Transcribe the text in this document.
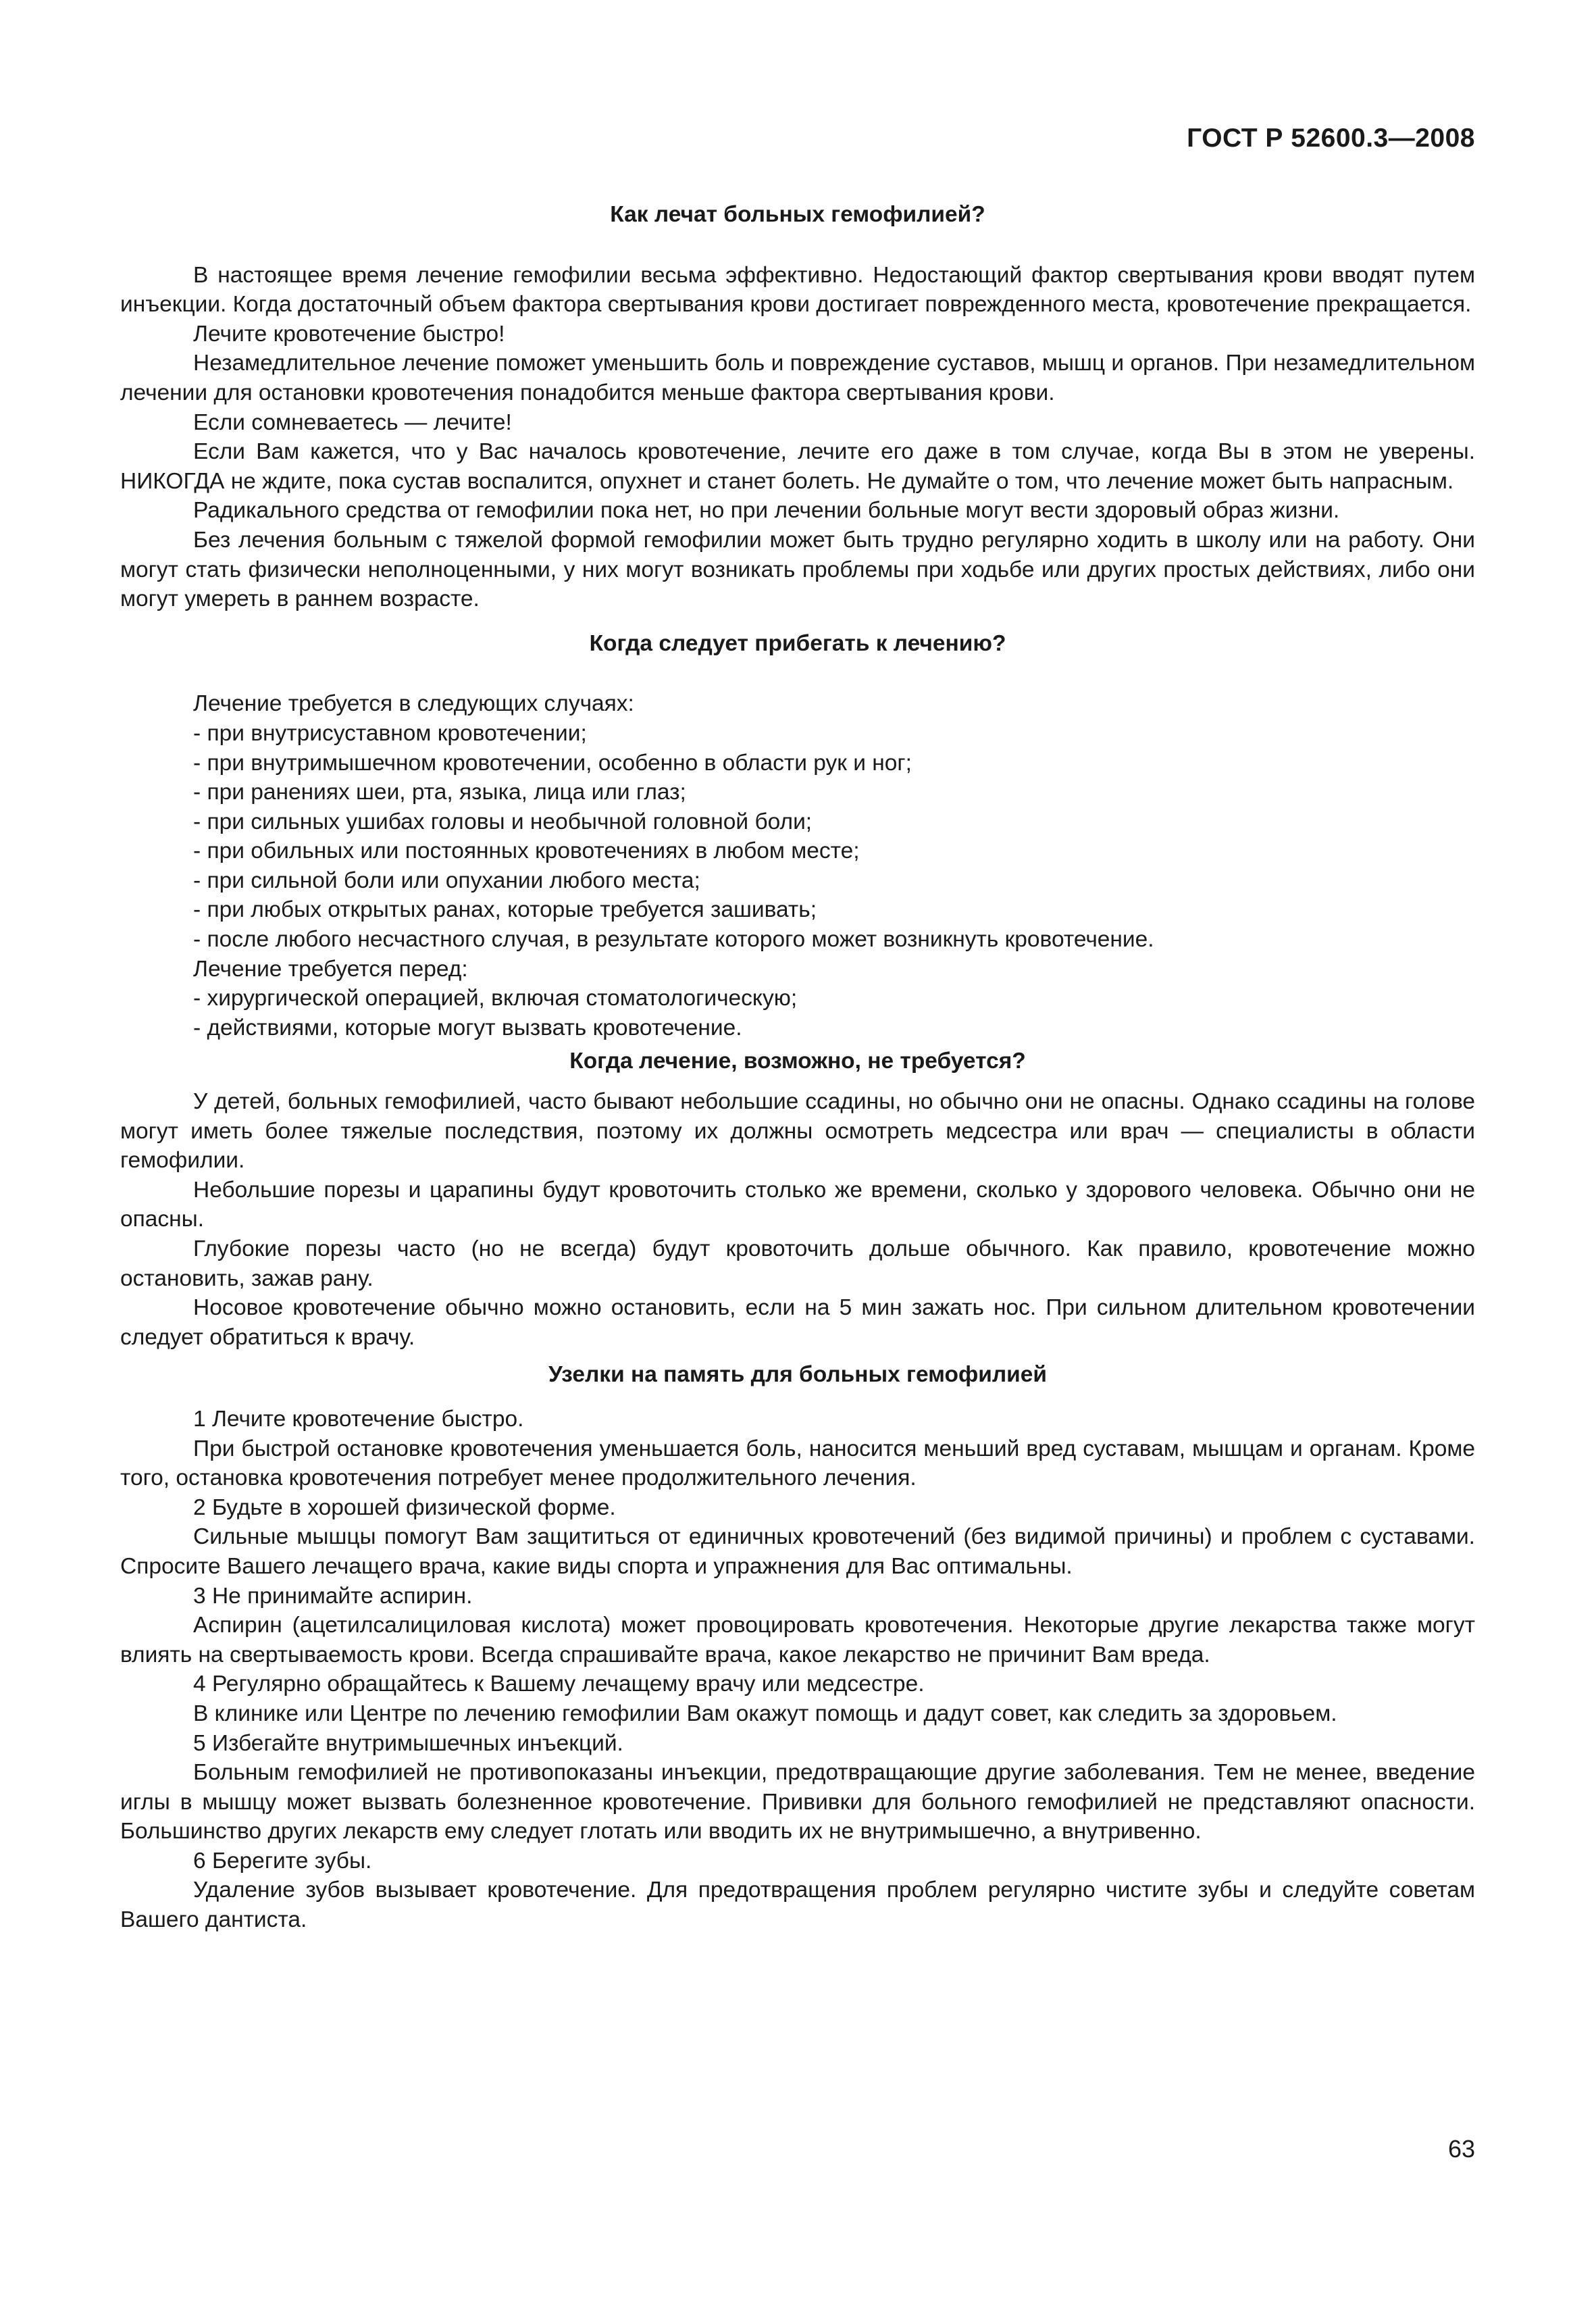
ГОСТ Р 52600.3—2008

Как лечат больных гемофилией?

В настоящее время лечение гемофилии весьма эффективно. Недостающий фактор свертывания крови вводят путем инъекции. Когда достаточный объем фактора свертывания крови достигает поврежденного места, кровотечение прекращается.

Лечите кровотечение быстро!

Незамедлительное лечение поможет уменьшить боль и повреждение суставов, мышц и органов. При незамедлительном лечении для остановки кровотечения понадобится меньше фактора свертывания крови.

Если сомневаетесь — лечите!

Если Вам кажется, что у Вас началось кровотечение, лечите его даже в том случае, когда Вы в этом не уверены. НИКОГДА не ждите, пока сустав воспалится, опухнет и станет болеть. Не думайте о том, что лечение может быть напрасным.

Радикального средства от гемофилии пока нет, но при лечении больные могут вести здоровый образ жизни.

Без лечения больным с тяжелой формой гемофилии может быть трудно регулярно ходить в школу или на работу. Они могут стать физически неполноценными, у них могут возникать проблемы при ходьбе или других простых действиях, либо они могут умереть в раннем возрасте.

Когда следует прибегать к лечению?

Лечение требуется в следующих случаях:

- при внутрисуставном кровотечении;

- при внутримышечном кровотечении, особенно в области рук и ног;

- при ранениях шеи, рта, языка, лица или глаз;

- при сильных ушибах головы и необычной головной боли;

- при обильных или постоянных кровотечениях в любом месте;

- при сильной боли или опухании любого места;

- при любых открытых ранах, которые требуется зашивать;

- после любого несчастного случая, в результате которого может возникнуть кровотечение.

Лечение требуется перед:

- хирургической операцией, включая стоматологическую;

- действиями, которые могут вызвать кровотечение.

Когда лечение, возможно, не требуется?

У детей, больных гемофилией, часто бывают небольшие ссадины, но обычно они не опасны. Однако ссадины на голове могут иметь более тяжелые последствия, поэтому их должны осмотреть медсестра или врач — специалисты в области гемофилии.

Небольшие порезы и царапины будут кровоточить столько же времени, сколько у здорового человека. Обычно они не опасны.

Глубокие порезы часто (но не всегда) будут кровоточить дольше обычного. Как правило, кровотечение можно остановить, зажав рану.

Носовое кровотечение обычно можно остановить, если на 5 мин зажать нос. При сильном длительном кровотечении следует обратиться к врачу.

Узелки на память для больных гемофилией

1 Лечите кровотечение быстро.

При быстрой остановке кровотечения уменьшается боль, наносится меньший вред суставам, мышцам и органам. Кроме того, остановка кровотечения потребует менее продолжительного лечения.

2 Будьте в хорошей физической форме.

Сильные мышцы помогут Вам защититься от единичных кровотечений (без видимой причины) и проблем с суставами. Спросите Вашего лечащего врача, какие виды спорта и упражнения для Вас оптимальны.

3 Не принимайте аспирин.

Аспирин (ацетилсалициловая кислота) может провоцировать кровотечения. Некоторые другие лекарства также могут влиять на свертываемость крови. Всегда спрашивайте врача, какое лекарство не причинит Вам вреда.

4 Регулярно обращайтесь к Вашему лечащему врачу или медсестре.

В клинике или Центре по лечению гемофилии Вам окажут помощь и дадут совет, как следить за здоровьем.

5 Избегайте внутримышечных инъекций.

Больным гемофилией не противопоказаны инъекции, предотвращающие другие заболевания. Тем не менее, введение иглы в мышцу может вызвать болезненное кровотечение. Прививки для больного гемофилией не представляют опасности. Большинство других лекарств ему следует глотать или вводить их не внутримышечно, а внутривенно.

6 Берегите зубы.

Удаление зубов вызывает кровотечение. Для предотвращения проблем регулярно чистите зубы и следуйте советам Вашего дантиста.

63
